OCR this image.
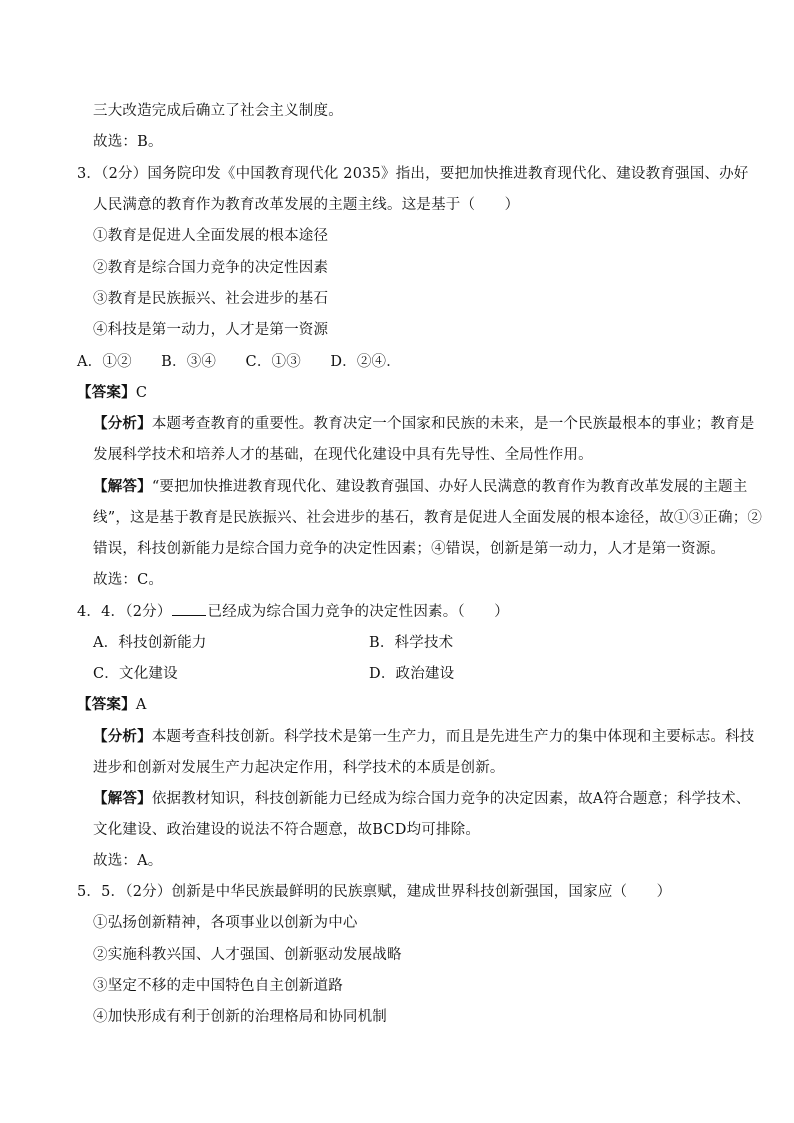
三大改造完成后确立了社会主义制度。
故选：B。
3．（2分）国务院印发《中国教育现代化 2035》指出，要把加快推进教育现代化、建设教育强国、办好
人民满意的教育作为教育改革发展的主题主线。这是基于（　　）
①教育是促进人全面发展的根本途径
②教育是综合国力竞争的决定性因素
③教育是民族振兴、社会进步的基石
④科技是第一动力，人才是第一资源
A．①②　　B．③④　　C．①③　　D．②④．
【答案】C
【分析】本题考查教育的重要性。教育决定一个国家和民族的未来，是一个民族最根本的事业；教育是
发展科学技术和培养人才的基础，在现代化建设中具有先导性、全局性作用。
【解答】“要把加快推进教育现代化、建设教育强国、办好人民满意的教育作为教育改革发展的主题主
线”，这是基于教育是民族振兴、社会进步的基石，教育是促进人全面发展的根本途径，故①③正确；②
错误，科技创新能力是综合国力竞争的决定性因素；④错误，创新是第一动力，人才是第一资源。
故选：C。
4．4．（2分） 已经成为综合国力竞争的决定性因素。（　　）
A．科技创新能力	B．科学技术
C．文化建设	D．政治建设
【答案】A
【分析】本题考查科技创新。科学技术是第一生产力，而且是先进生产力的集中体现和主要标志。科技
进步和创新对发展生产力起决定作用，科学技术的本质是创新。
【解答】依据教材知识，科技创新能力已经成为综合国力竞争的决定因素，故A符合题意；科学技术、
文化建设、政治建设的说法不符合题意，故BCD均可排除。
故选：A。
5．5．（2分）创新是中华民族最鲜明的民族禀赋，建成世界科技创新强国，国家应（　　）
①弘扬创新精神，各项事业以创新为中心
②实施科教兴国、人才强国、创新驱动发展战略
③坚定不移的走中国特色自主创新道路
④加快形成有利于创新的治理格局和协同机制
